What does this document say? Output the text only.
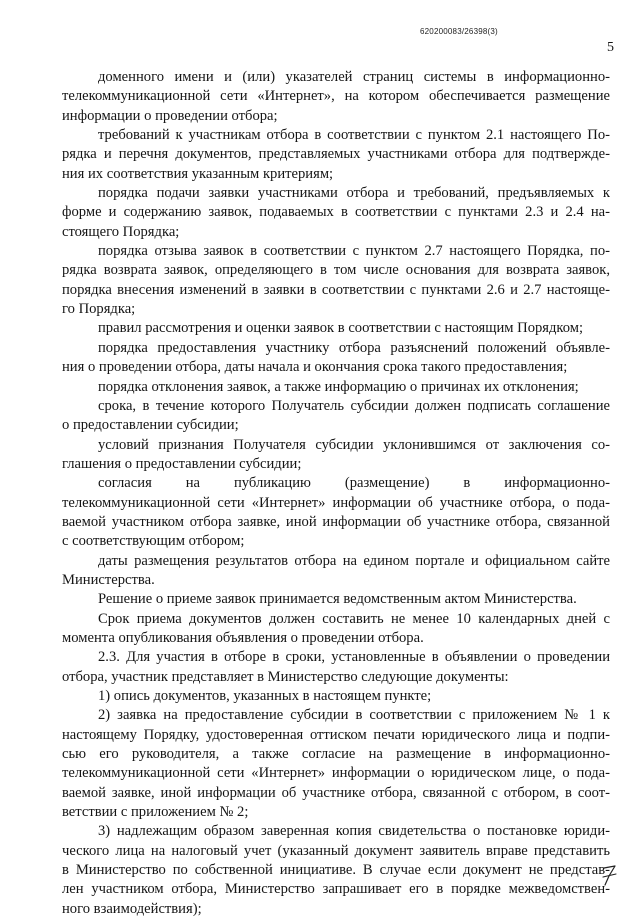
620200083/26398(3)
5
доменного имени и (или) указателей страниц системы в информационно-
телекоммуникационной сети «Интернет», на котором обеспечивается размещение
информации о проведении отбора;
требований к участникам отбора в соответствии с пунктом 2.1 настоящего По-
рядка и перечня документов, представляемых участниками отбора для подтвержде-
ния их соответствия указанным критериям;
порядка подачи заявки участниками отбора и требований, предъявляемых к
форме и содержанию заявок, подаваемых в соответствии с пунктами 2.3 и 2.4 на-
стоящего Порядка;
порядка отзыва заявок в соответствии с пунктом 2.7 настоящего Порядка, по-
рядка возврата заявок, определяющего в том числе основания для возврата заявок,
порядка внесения изменений в заявки в соответствии с пунктами 2.6 и 2.7 настояще-
го Порядка;
правил рассмотрения и оценки заявок в соответствии с настоящим Порядком;
порядка предоставления участнику отбора разъяснений положений объявле-
ния о проведении отбора, даты начала и окончания срока такого предоставления;
порядка отклонения заявок, а также информацию о причинах их отклонения;
срока, в течение которого Получатель субсидии должен подписать соглашение
о предоставлении субсидии;
условий признания Получателя субсидии уклонившимся от заключения со-
глашения о предоставлении субсидии;
согласия на публикацию (размещение) в информационно-
телекоммуникационной сети «Интернет» информации об участнике отбора, о пода-
ваемой участником отбора заявке, иной информации об участнике отбора, связанной
с соответствующим отбором;
даты размещения результатов отбора на едином портале и официальном сайте
Министерства.
Решение о приеме заявок принимается ведомственным актом Министерства.
Срок приема документов должен составить не менее 10 календарных дней с
момента опубликования объявления о проведении отбора.
2.3. Для участия в отборе в сроки, установленные в объявлении о проведении
отбора, участник представляет в Министерство следующие документы:
1) опись документов, указанных в настоящем пункте;
2) заявка на предоставление субсидии в соответствии с приложением № 1 к
настоящему Порядку, удостоверенная оттиском печати юридического лица и подпи-
сью его руководителя, а также согласие на размещение в информационно-
телекоммуникационной сети «Интернет» информации о юридическом лице, о пода-
ваемой заявке, иной информации об участнике отбора, связанной с отбором, в соот-
ветствии с приложением № 2;
3) надлежащим образом заверенная копия свидетельства о постановке юриди-
ческого лица на налоговый учет (указанный документ заявитель вправе представить
в Министерство по собственной инициативе. В случае если документ не представ-
лен участником отбора, Министерство запрашивает его в порядке межведомствен-
ного взаимодействия);
